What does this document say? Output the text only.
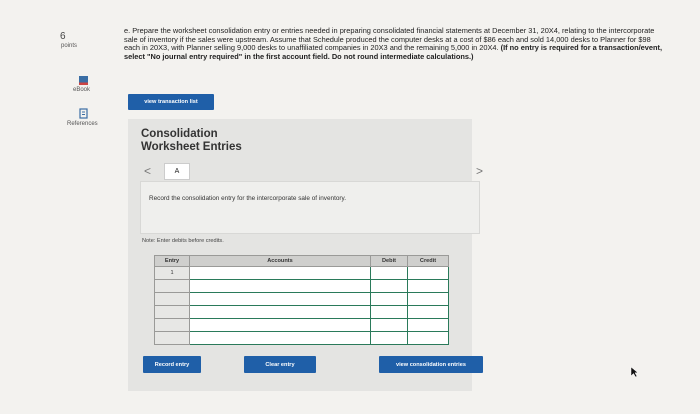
6
points
eBook
References
e. Prepare the worksheet consolidation entry or entries needed in preparing consolidated financial statements at December 31, 20X4, relating to the intercorporate sale of inventory if the sales were upstream. Assume that Schedule produced the computer desks at a cost of $86 each and sold 14,000 desks to Planner for $98 each in 20X3, with Planner selling 9,000 desks to unaffiliated companies in 20X3 and the remaining 5,000 in 20X4. (If no entry is required for a transaction/event, select "No journal entry required" in the first account field. Do not round intermediate calculations.)
view transaction list
Consolidation
Worksheet Entries
<	A	>
Record the consolidation entry for the intercorporate sale of inventory.
Note: Enter debits before credits.
Entry	Accounts	Debit	Credit
1			

Record entry	Clear entry	view consolidation entries
